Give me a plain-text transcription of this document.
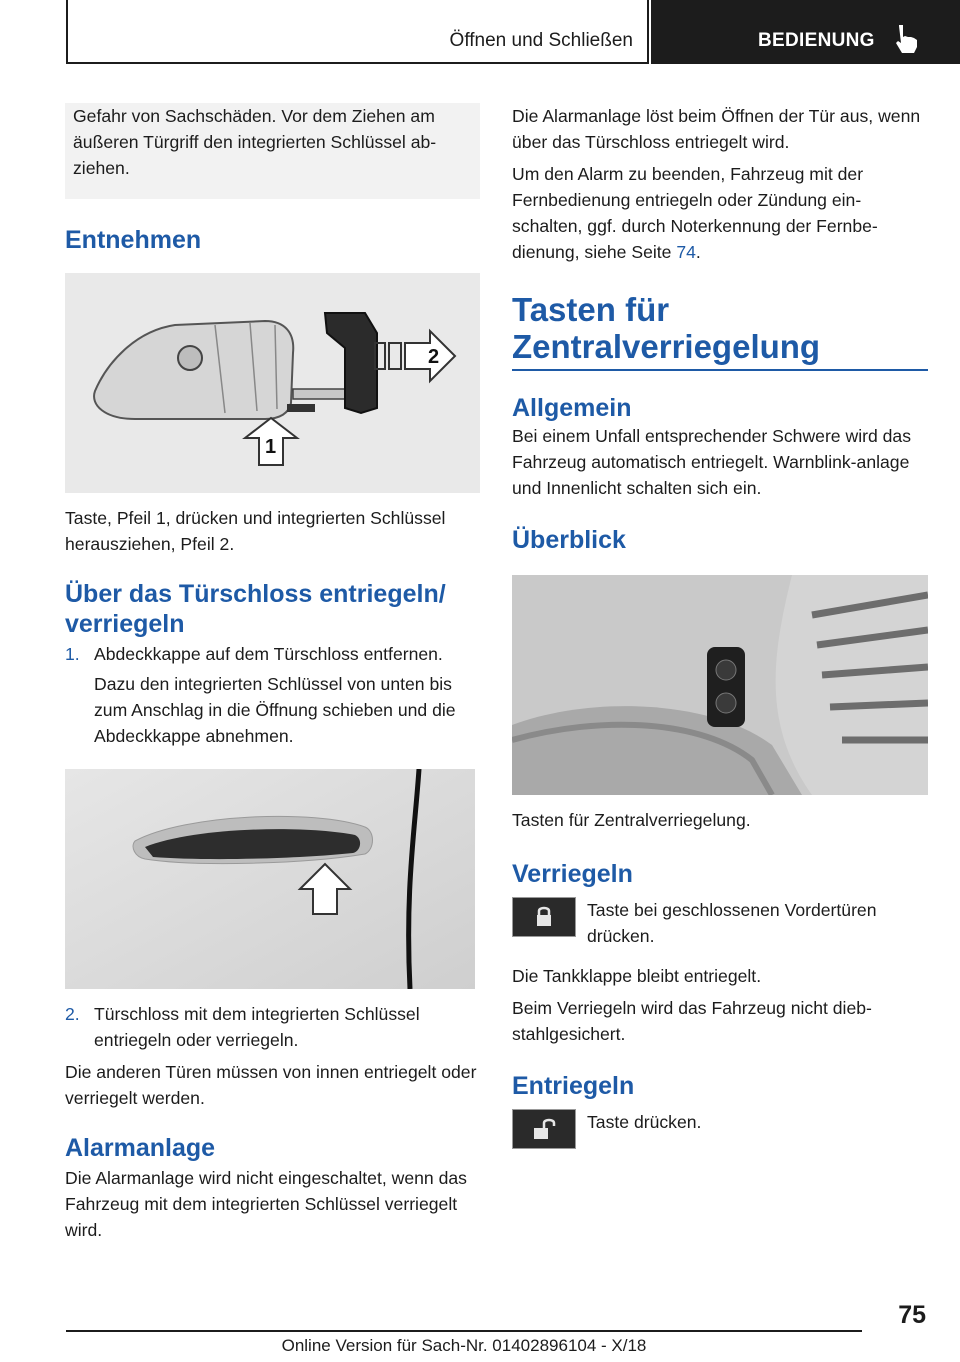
Öffnen und Schließen	BEDIENUNG

Gefahr von Sachschäden. Vor dem Ziehen am äußeren Türgriff den integrierten Schlüssel ab‐ziehen.

Entnehmen
1
2

Taste, Pfeil 1, drücken und integrierten Schlüssel herausziehen, Pfeil 2.

Über das Türschloss entriegeln/ verriegeln
1. Abdeckkappe auf dem Türschloss entfernen.

Dazu den integrierten Schlüssel von unten bis zum Anschlag in die Öffnung schieben und die Abdeckkappe abnehmen.

2. Türschloss mit dem integrierten Schlüssel entriegeln oder verriegeln.

Die anderen Türen müssen von innen entriegelt oder verriegelt werden.

Alarmanlage

Die Alarmanlage wird nicht eingeschaltet, wenn das Fahrzeug mit dem integrierten Schlüssel verriegelt wird.

Die Alarmanlage löst beim Öffnen der Tür aus, wenn über das Türschloss entriegelt wird.

Um den Alarm zu beenden, Fahrzeug mit der Fernbedienung entriegeln oder Zündung ein‐schalten, ggf. durch Noterkennung der Fernbe‐dienung, siehe Seite 74.

Tasten für Zentralverriegelung
Allgemein

Bei einem Unfall entsprechender Schwere wird das Fahrzeug automatisch entriegelt. Warnblink‐anlage und Innenlicht schalten sich ein.

Überblick

Tasten für Zentralverriegelung.

Verriegeln

Taste bei geschlossenen Vordertüren drücken.

Die Tankklappe bleibt entriegelt.

Beim Verriegeln wird das Fahrzeug nicht dieb‐stahlgesichert.

Entriegeln

Taste drücken.

75
Online Version für Sach-Nr. 01402896104 - X/18
